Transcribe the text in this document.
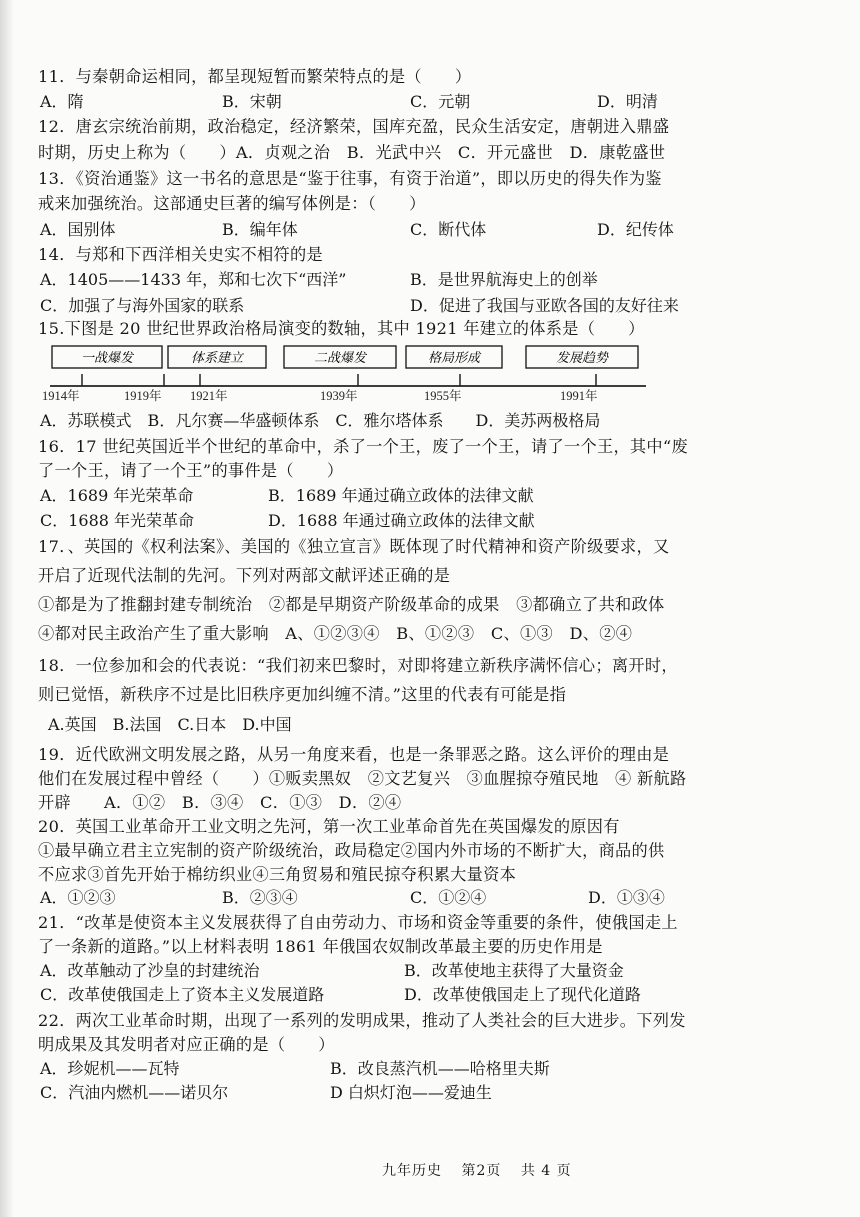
11．与秦朝命运相同，都呈现短暂而繁荣特点的是（　　）
A．隋	B．宋朝	C．元朝	D．明清
12．唐玄宗统治前期，政治稳定，经济繁荣，国库充盈，民众生活安定，唐朝进入鼎盛
时期，历史上称为（　　）A．贞观之治　B．光武中兴　C．开元盛世　D．康乾盛世
13．《资治通鉴》这一书名的意思是“鉴于往事，有资于治道”，即以历史的得失作为鉴
戒来加强统治。这部通史巨著的编写体例是：（　　）
A．国别体	B．编年体	C．断代体	D．纪传体
14．与郑和下西洋相关史实不相符的是
A．1405——1433 年，郑和七次下“西洋”	B．是世界航海史上的创举
C．加强了与海外国家的联系	D．促进了我国与亚欧各国的友好往来
15.下图是 20 世纪世界政治格局演变的数轴，其中 1921 年建立的体系是（　　）
一战爆发	体系建立	二战爆发	格局形成	发展趋势
1914年	1919年 1921年	1939年	1955年	1991年
A．苏联模式　B．凡尔赛—华盛顿体系　C．雅尔塔体系　　D．美苏两极格局
16．17 世纪英国近半个世纪的革命中，杀了一个王，废了一个王，请了一个王，其中“废
了一个王，请了一个王”的事件是（　　）
A．1689 年光荣革命	B．1689 年通过确立政体的法律文献
C．1688 年光荣革命	D．1688 年通过确立政体的法律文献
17．、英国的《权利法案》、美国的《独立宣言》既体现了时代精神和资产阶级要求，又
开启了近现代法制的先河。下列对两部文献评述正确的是
①都是为了推翻封建专制统治　②都是早期资产阶级革命的成果　③都确立了共和政体
④都对民主政治产生了重大影响　A、①②③④　B、①②③　C、①③　D、②④
18．一位参加和会的代表说：“我们初来巴黎时，对即将建立新秩序满怀信心；离开时，
则已觉悟，新秩序不过是比旧秩序更加纠缠不清。”这里的代表有可能是指
A.英国　B.法国　C.日本　D.中国
19．近代欧洲文明发展之路，从另一角度来看，也是一条罪恶之路。这么评价的理由是
他们在发展过程中曾经（　　）①贩卖黑奴　②文艺复兴　③血腥掠夺殖民地　④ 新航路
开辟　　A．①②　B．③④　C．①③　D．②④
20．英国工业革命开工业文明之先河，第一次工业革命首先在英国爆发的原因有
①最早确立君主立宪制的资产阶级统治，政局稳定②国内外市场的不断扩大，商品的供
不应求③首先开始于棉纺织业④三角贸易和殖民掠夺积累大量资本
A．①②③	B．②③④	C．①②④	D．①③④
21．“改革是使资本主义发展获得了自由劳动力、市场和资金等重要的条件，使俄国走上
了一条新的道路。”以上材料表明 1861 年俄国农奴制改革最主要的历史作用是
A．改革触动了沙皇的封建统治	B．改革使地主获得了大量资金
C．改革使俄国走上了资本主义发展道路	D．改革使俄国走上了现代化道路
22．两次工业革命时期，出现了一系列的发明成果，推动了人类社会的巨大进步。下列发
明成果及其发明者对应正确的是（　　）
A．珍妮机——瓦特	B．改良蒸汽机——哈格里夫斯
C．汽油内燃机——诺贝尔	D 白炽灯泡——爱迪生
九年历史 第2页 共 4 页
